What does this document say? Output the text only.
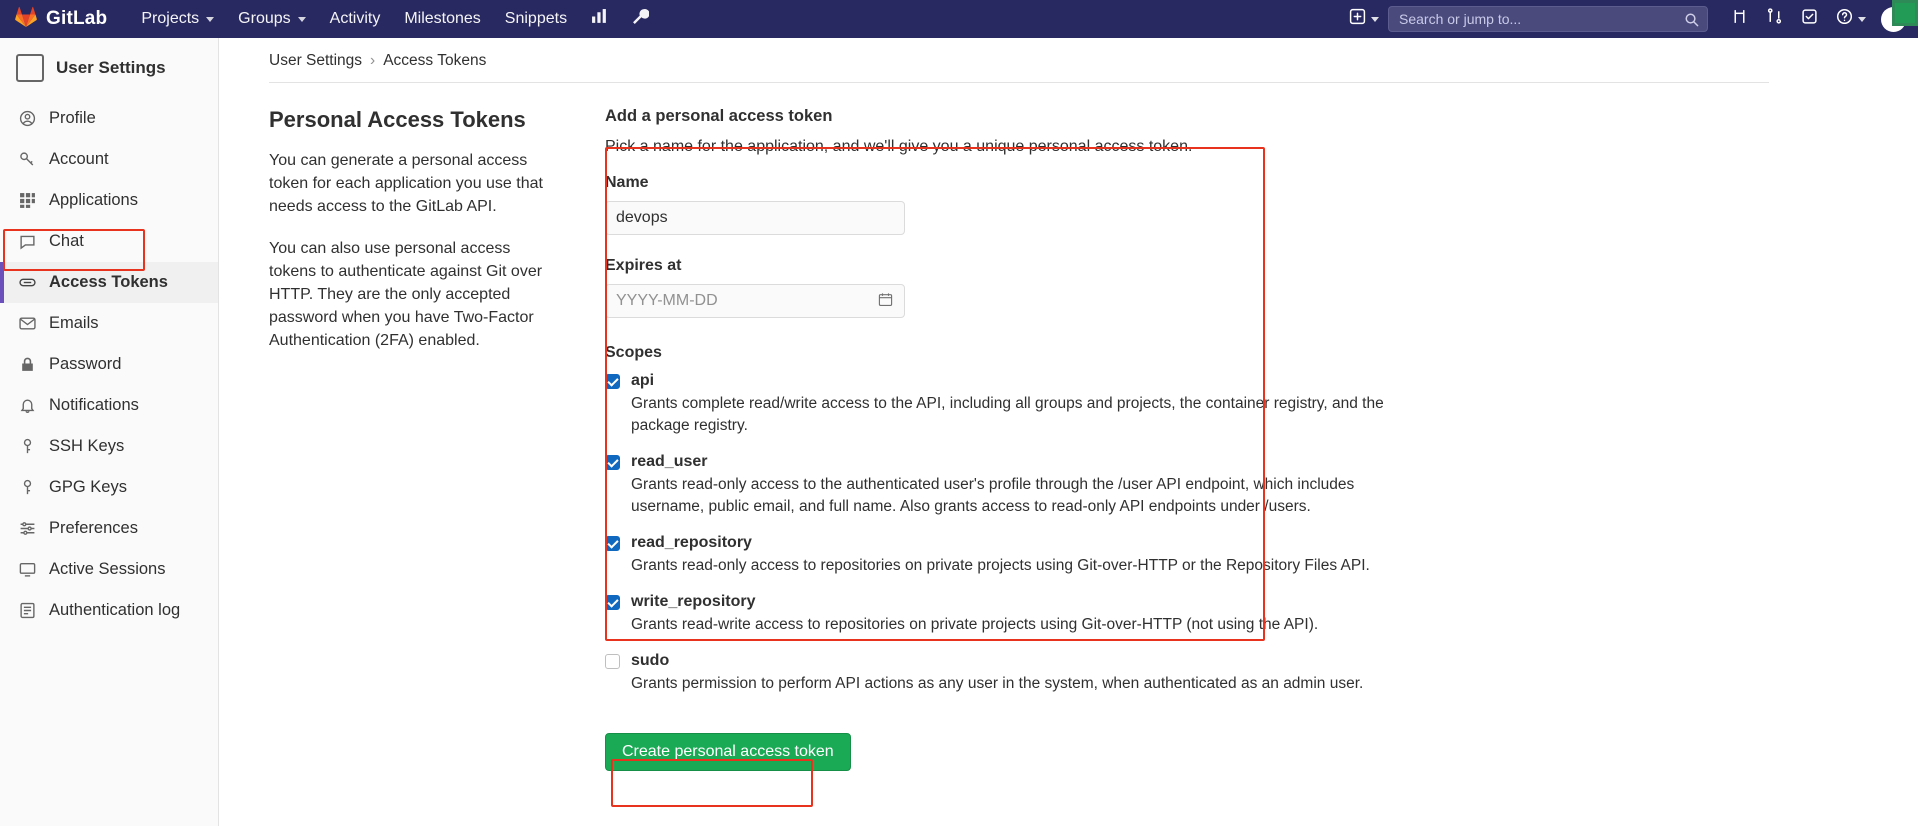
GitLab Projects Groups Activity Milestones Snippets
Search or jump to...
User Settings
Profile
Account
Applications
Chat
Access Tokens
Emails
Password
Notifications
SSH Keys
GPG Keys
Preferences
Active Sessions
Authentication log
User Settings › Access Tokens
Personal Access Tokens

You can generate a personal access token for each application you use that needs access to the GitLab API.

You can also use personal access tokens to authenticate against Git over HTTP. They are the only accepted password when you have Two-Factor Authentication (2FA) enabled.

Add a personal access token
Pick a name for the application, and we'll give you a unique personal access token.
Name
devops
Expires at
YYYY-MM-DD
Scopes
api
Grants complete read/write access to the API, including all groups and projects, the container registry, and the package registry.
read_user
Grants read-only access to the authenticated user's profile through the /user API endpoint, which includes username, public email, and full name. Also grants access to read-only API endpoints under /users.
read_repository
Grants read-only access to repositories on private projects using Git-over-HTTP or the Repository Files API.
write_repository
Grants read-write access to repositories on private projects using Git-over-HTTP (not using the API).
sudo
Grants permission to perform API actions as any user in the system, when authenticated as an admin user.
Create personal access token
